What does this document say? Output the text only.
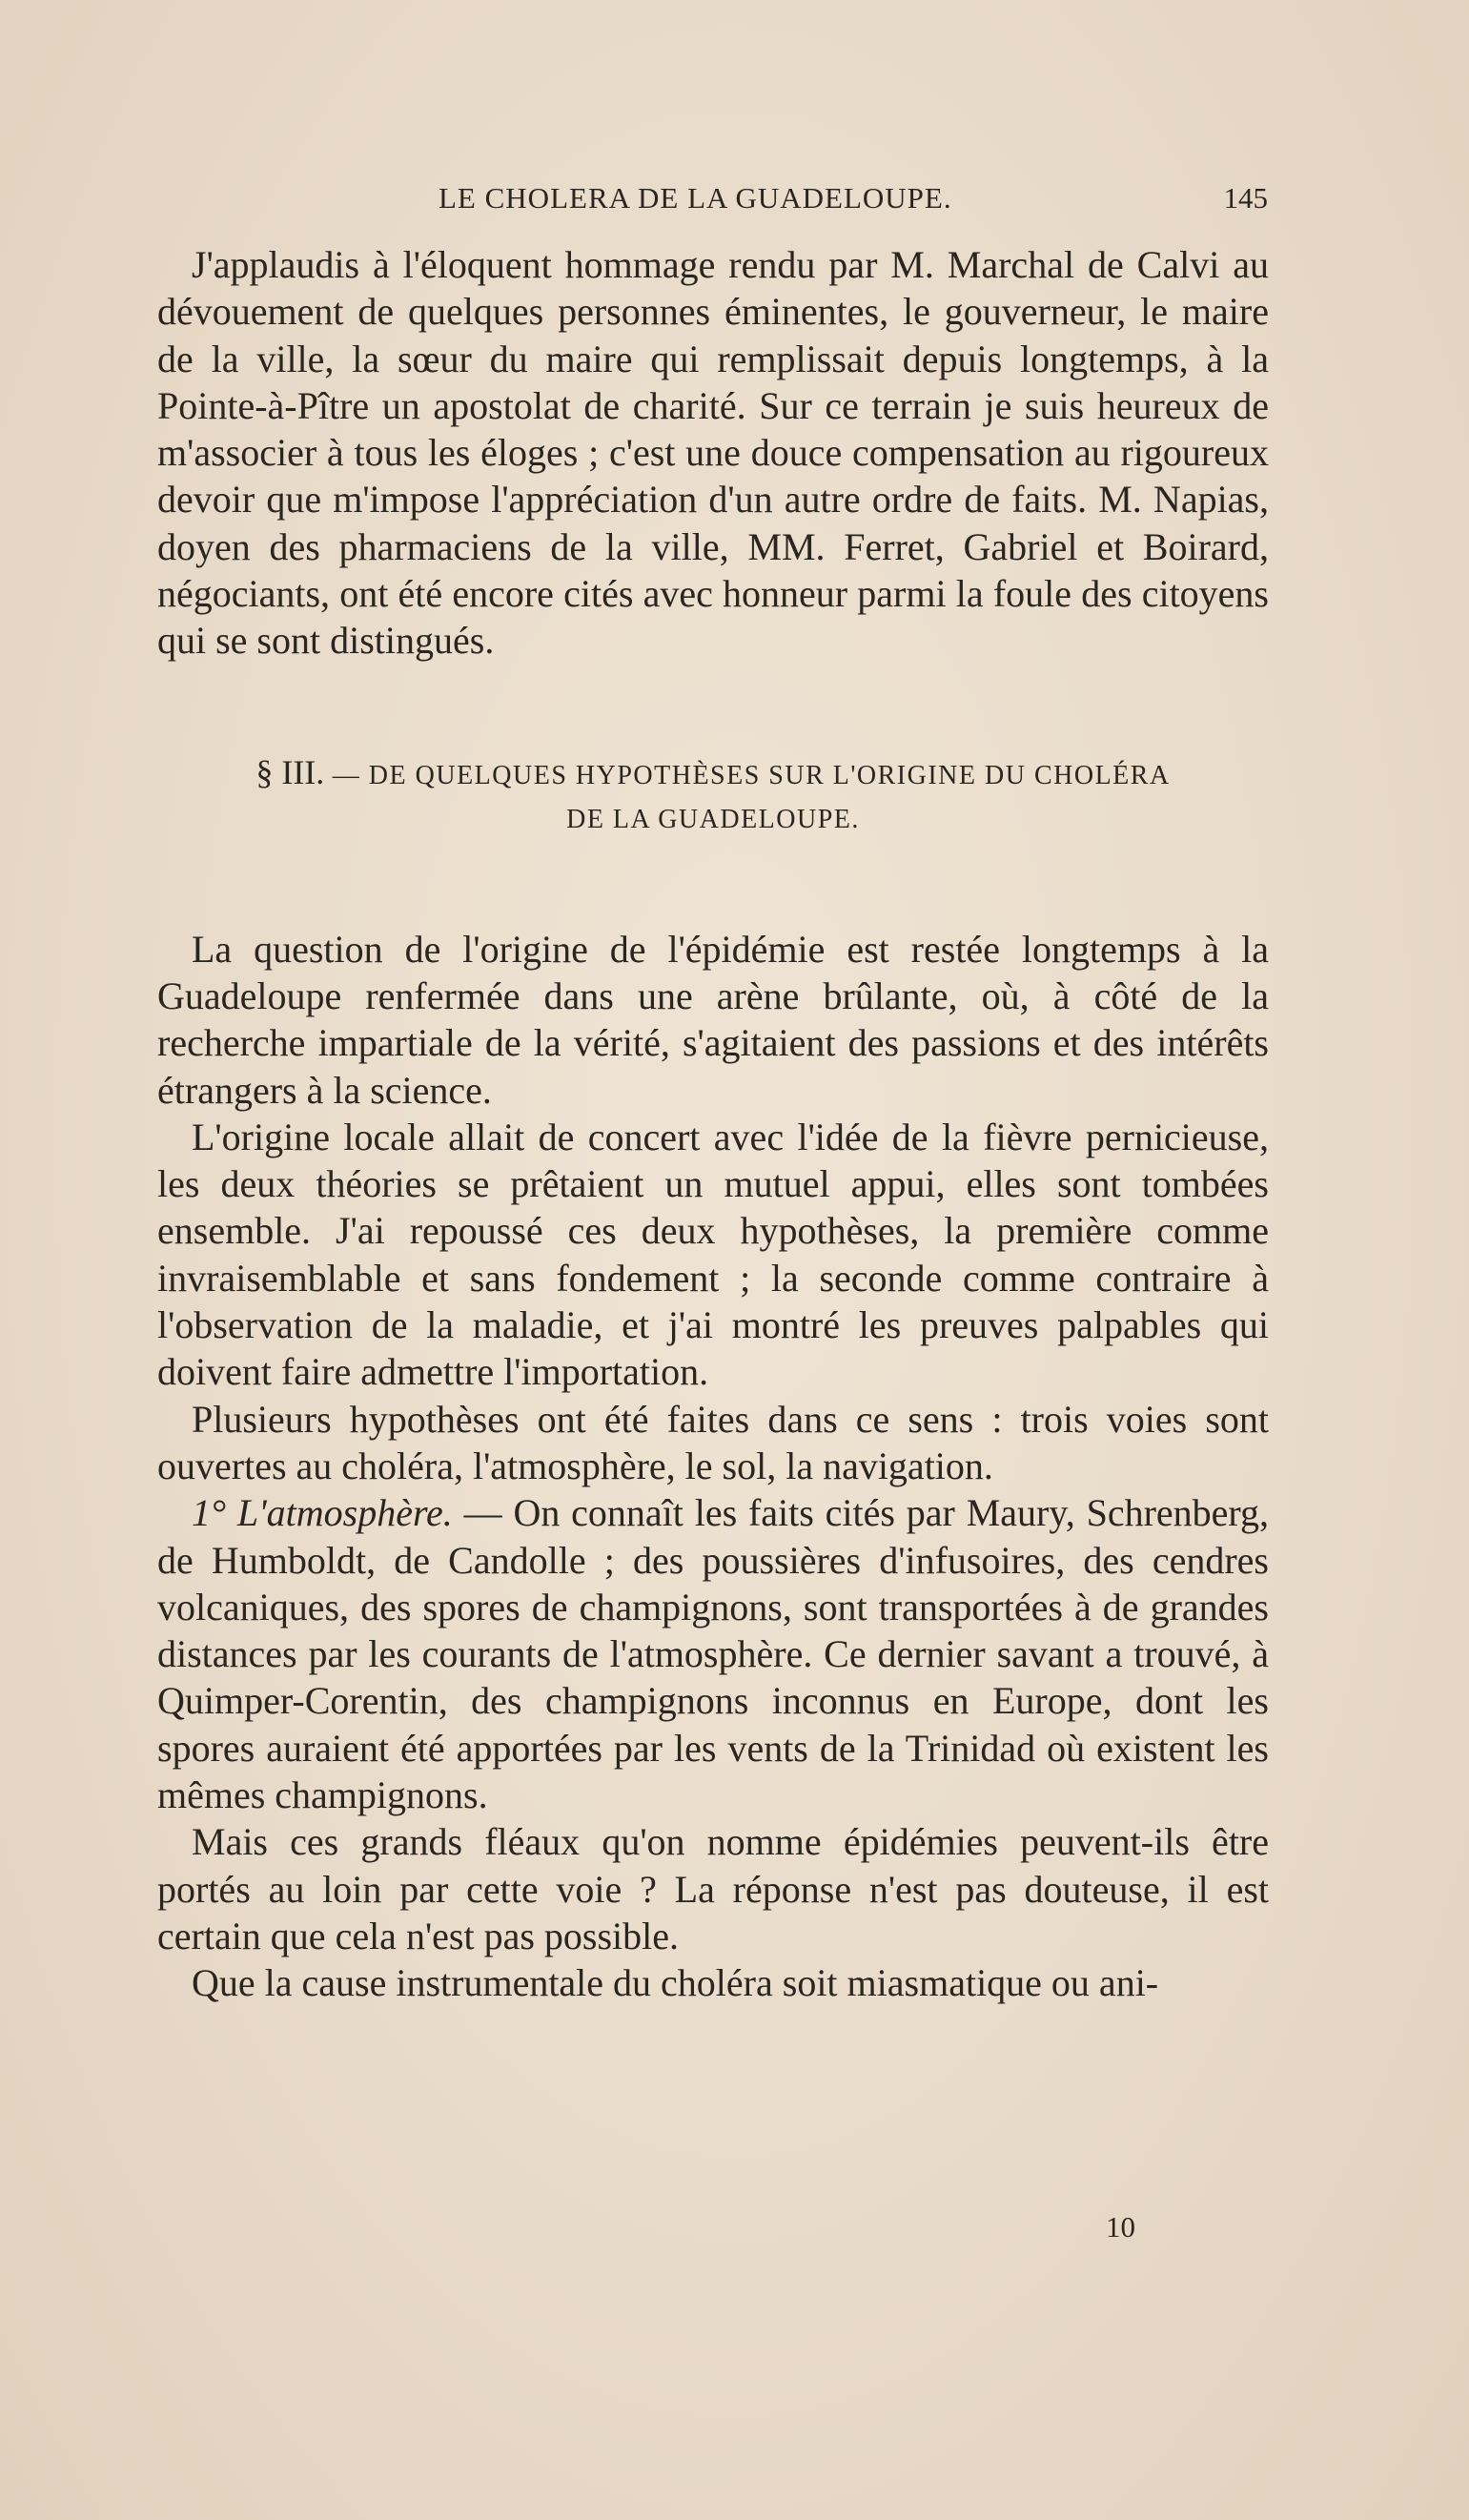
LE CHOLERA DE LA GUADELOUPE.	145

J'applaudis à l'éloquent hommage rendu par M. Marchal de Calvi au dévouement de quelques personnes éminentes, le gouverneur, le maire de la ville, la sœur du maire qui remplissait depuis longtemps, à la Pointe-à-Pître un apostolat de charité. Sur ce terrain je suis heureux de m'associer à tous les éloges ; c'est une douce compensation au rigoureux devoir que m'impose l'appréciation d'un autre ordre de faits. M. Napias, doyen des pharmaciens de la ville, MM. Ferret, Gabriel et Boirard, négociants, ont été encore cités avec honneur parmi la foule des citoyens qui se sont distingués.

§ III. — DE QUELQUES HYPOTHÈSES SUR L'ORIGINE DU CHOLÉRA
DE LA GUADELOUPE.

La question de l'origine de l'épidémie est restée longtemps à la Guadeloupe renfermée dans une arène brûlante, où, à côté de la recherche impartiale de la vérité, s'agitaient des passions et des intérêts étrangers à la science.

L'origine locale allait de concert avec l'idée de la fièvre pernicieuse, les deux théories se prêtaient un mutuel appui, elles sont tombées ensemble. J'ai repoussé ces deux hypothèses, la première comme invraisemblable et sans fondement ; la seconde comme contraire à l'observation de la maladie, et j'ai montré les preuves palpables qui doivent faire admettre l'importation.

Plusieurs hypothèses ont été faites dans ce sens : trois voies sont ouvertes au choléra, l'atmosphère, le sol, la navigation.

1° L'atmosphère. — On connaît les faits cités par Maury, Schrenberg, de Humboldt, de Candolle ; des poussières d'infusoires, des cendres volcaniques, des spores de champignons, sont transportées à de grandes distances par les courants de l'atmosphère. Ce dernier savant a trouvé, à Quimper-Corentin, des champignons inconnus en Europe, dont les spores auraient été apportées par les vents de la Trinidad où existent les mêmes champignons.

Mais ces grands fléaux qu'on nomme épidémies peuvent-ils être portés au loin par cette voie ? La réponse n'est pas douteuse, il est certain que cela n'est pas possible.

Que la cause instrumentale du choléra soit miasmatique ou ani-

10
